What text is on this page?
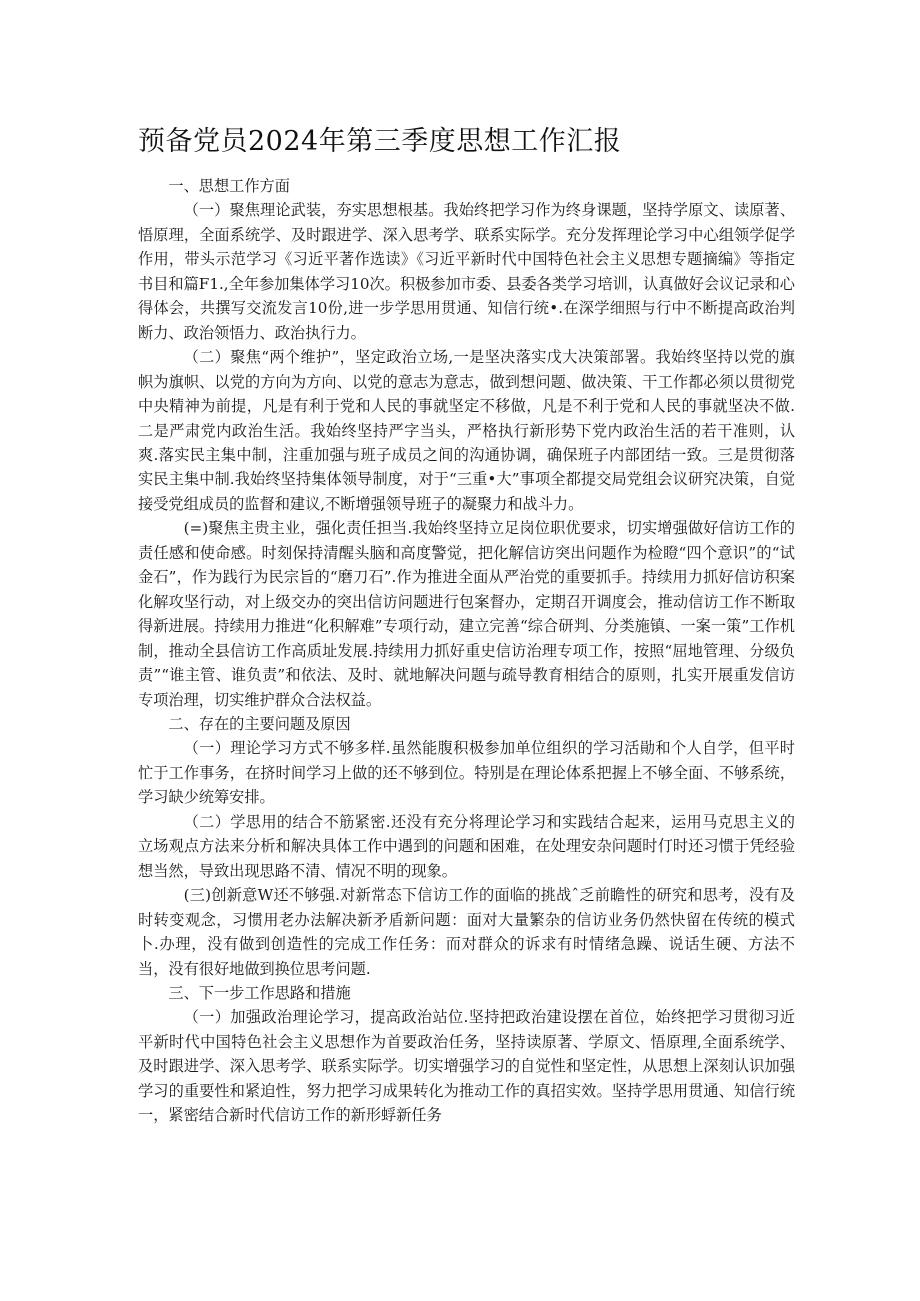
预备党员2024年第三季度思想工作汇报

一、思想工作方面

（一）聚焦理论武装，夯实思想根基。我始终把学习作为终身课题，坚持学原文、读原著、悟原理，全面系统学、及时跟进学、深入思考学、联系实际学。充分发挥理论学习中心组领学促学作用，带头示范学习《习近平著作选读》《习近平新时代中国特色社会主义思想专题摘编》等指定书目和篇F1.,全年参加集体学习10次。积极参加市委、县委各类学习培训，认真做好会议记录和心得体会，共撰写交流发言10份,进一步学思用贯通、知信行统•.在深学细照与行中不断提高政治判断力、政治领悟力、政治执行力。

（二）聚焦“两个维护”，坚定政治立场,一是坚决落实戊大决策部署。我始终坚持以党的旗帜为旗帜、以党的方向为方向、以党的意志为意志，做到想问题、做决策、干工作都必须以贯彻党中央精神为前提，凡是有利于党和人民的事就坚定不移做，凡是不利于党和人民的事就坚决不做.二是严肃党内政治生活。我始终坚持严字当头，严格执行新形势下党内政治生活的若干准则，认爽.落实民主集中制，注重加强与班子成员之间的沟通协调，确保班子内部团结一致。三是贯彻落实民主集中制.我始终坚持集体领导制度，对于“三重•大”事项全都提交局党组会议研究决策，自觉接受党组成员的监督和建议,不断增强领导班子的凝聚力和战斗力。

(=)聚焦主贵主业，强化责任担当.我始终坚持立足岗位职优要求，切实增强做好信访工作的责任感和使命感。时刻保持清醒头脑和高度警觉，把化解信访突出问题作为检瞪“四个意识”的“试金石”，作为践行为民宗旨的“磨刀石”.作为推进全面从严治党的重要抓手。持续用力抓好信访积案化解攻坚行动，对上级交办的突出信访问题进行包案督办，定期召开调度会，推动信访工作不断取得新进展。持续用力推进“化积解难”专项行动，建立完善“综合研判、分类施镇、一案一策”工作机制，推动全县信访工作高质址发展.持续用力抓好重史信访治理专项工作，按照“屈地管理、分级负责”“谁主管、谁负责”和依法、及时、就地解决问题与疏导教育相结合的原则，扎实开展重发信访专项治理，切实维护群众合法权益。

二、存在的主要问题及原因

（一）理论学习方式不够多样.虽然能腹积极参加单位组织的学习活勛和个人自学，但平时忙于工作事务，在挤时间学习上做的还不够到位。特别是在理论体系把握上不够全面、不够系统，学习缺少统筹安排。

（二）学思用的结合不筋紧密.还没有充分将理论学习和实践结合起来，运用马克思主义的立场观点方法来分析和解决具体工作中遇到的问题和困难，在处理安杂问题时仃时还习惯于凭经验想当然，导致出现思路不清、情况不明的现象。

(三)创新意W还不够强.对新常态下信访工作的面临的挑战ˆ乏前瞻性的研究和思考，没有及时转变观念，习惯用老办法解决新矛盾新问题：面对大量繁杂的信访业务仍然快留在传统的模式卜.办理，没有做到创造性的完成工作任务：而对群众的诉求有时情绪急躁、说话生硬、方法不当，没有很好地做到换位思考问题.

三、下一步工作思路和措施

（一）加强政治理论学习，提高政治站位.坚持把政治建设摆在首位，始终把学习贯彻习近平新时代中国特色社会主义思想作为首要政治任务，坚持读原著、学原文、悟原理,全面系统学、及时跟进学、深入思考学、联系实际学。切实增强学习的自觉性和坚定性，从思想上深刻认识加强学习的重要性和紧迫性，努力把学习成果转化为推动工作的真招实效。坚持学思用贯通、知信行统一，紧密结合新时代信访工作的新形蜉新任务
